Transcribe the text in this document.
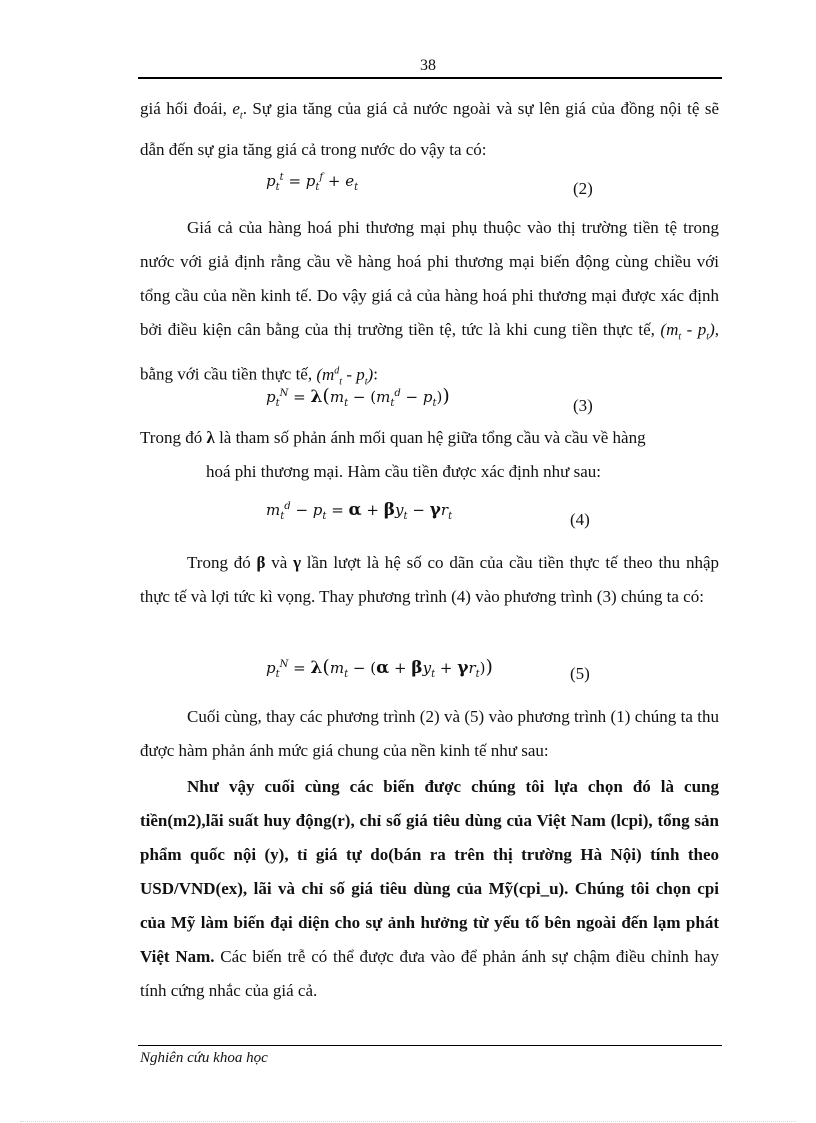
38
giá hối đoái, $e_t$. Sự gia tăng của giá cả nước ngoài và sự lên giá của đồng nội tệ sẽ dẫn đến sự gia tăng giá cả trong nước do vậy ta có:
$p_t^t = p_t^f + e_t$	(2)
Giá cả của hàng hoá phi thương mại phụ thuộc vào thị trường tiền tệ trong nước với giả định rằng cầu về hàng hoá phi thương mại biến động cùng chiều với tổng cầu của nền kinh tế. Do vậy giá cả của hàng hoá phi thương mại được xác định bởi điều kiện cân bằng của thị trường tiền tệ, tức là khi cung tiền thực tế, $(m_t - p_t)$, bằng với cầu tiền thực tế, $(m^d_t - p_t)$:
$p_t^N = \lambda(m_t - (m_t^d - p_t))$	(3)
Trong đó λ là tham số phản ánh mối quan hệ giữa tổng cầu và cầu về hàng
hoá phi thương mại. Hàm cầu tiền được xác định như sau:
$m_t^d - p_t = \alpha + \beta y_t - \gamma r_t$	(4)
Trong đó β và γ lần lượt là hệ số co dãn của cầu tiền thực tế theo thu nhập thực tế và lợi tức kì vọng. Thay phương trình (4) vào phương trình (3) chúng ta có:
$p_t^N = \lambda(m_t - (\alpha + \beta y_t + \gamma r_t))$	(5)
Cuối cùng, thay các phương trình (2) và (5) vào phương trình (1) chúng ta thu được hàm phản ánh mức giá chung của nền kinh tế như sau:
Như vậy cuối cùng các biến được chúng tôi lựa chọn đó là cung tiền(m2),lãi suất huy động(r), chỉ số giá tiêu dùng của Việt Nam (lcpi), tổng sản phẩm quốc nội (y), tỉ giá tự do(bán ra trên thị trường Hà Nội) tính theo USD/VND(ex), lãi và chỉ số giá tiêu dùng của Mỹ(cpi_u). Chúng tôi chọn cpi của Mỹ làm biến đại diện cho sự ảnh hưởng từ yếu tố bên ngoài đến lạm phát Việt Nam. Các biến trễ có thể được đưa vào để phản ánh sự chậm điều chỉnh hay tính cứng nhắc của giá cả.
Nghiên cứu khoa học
